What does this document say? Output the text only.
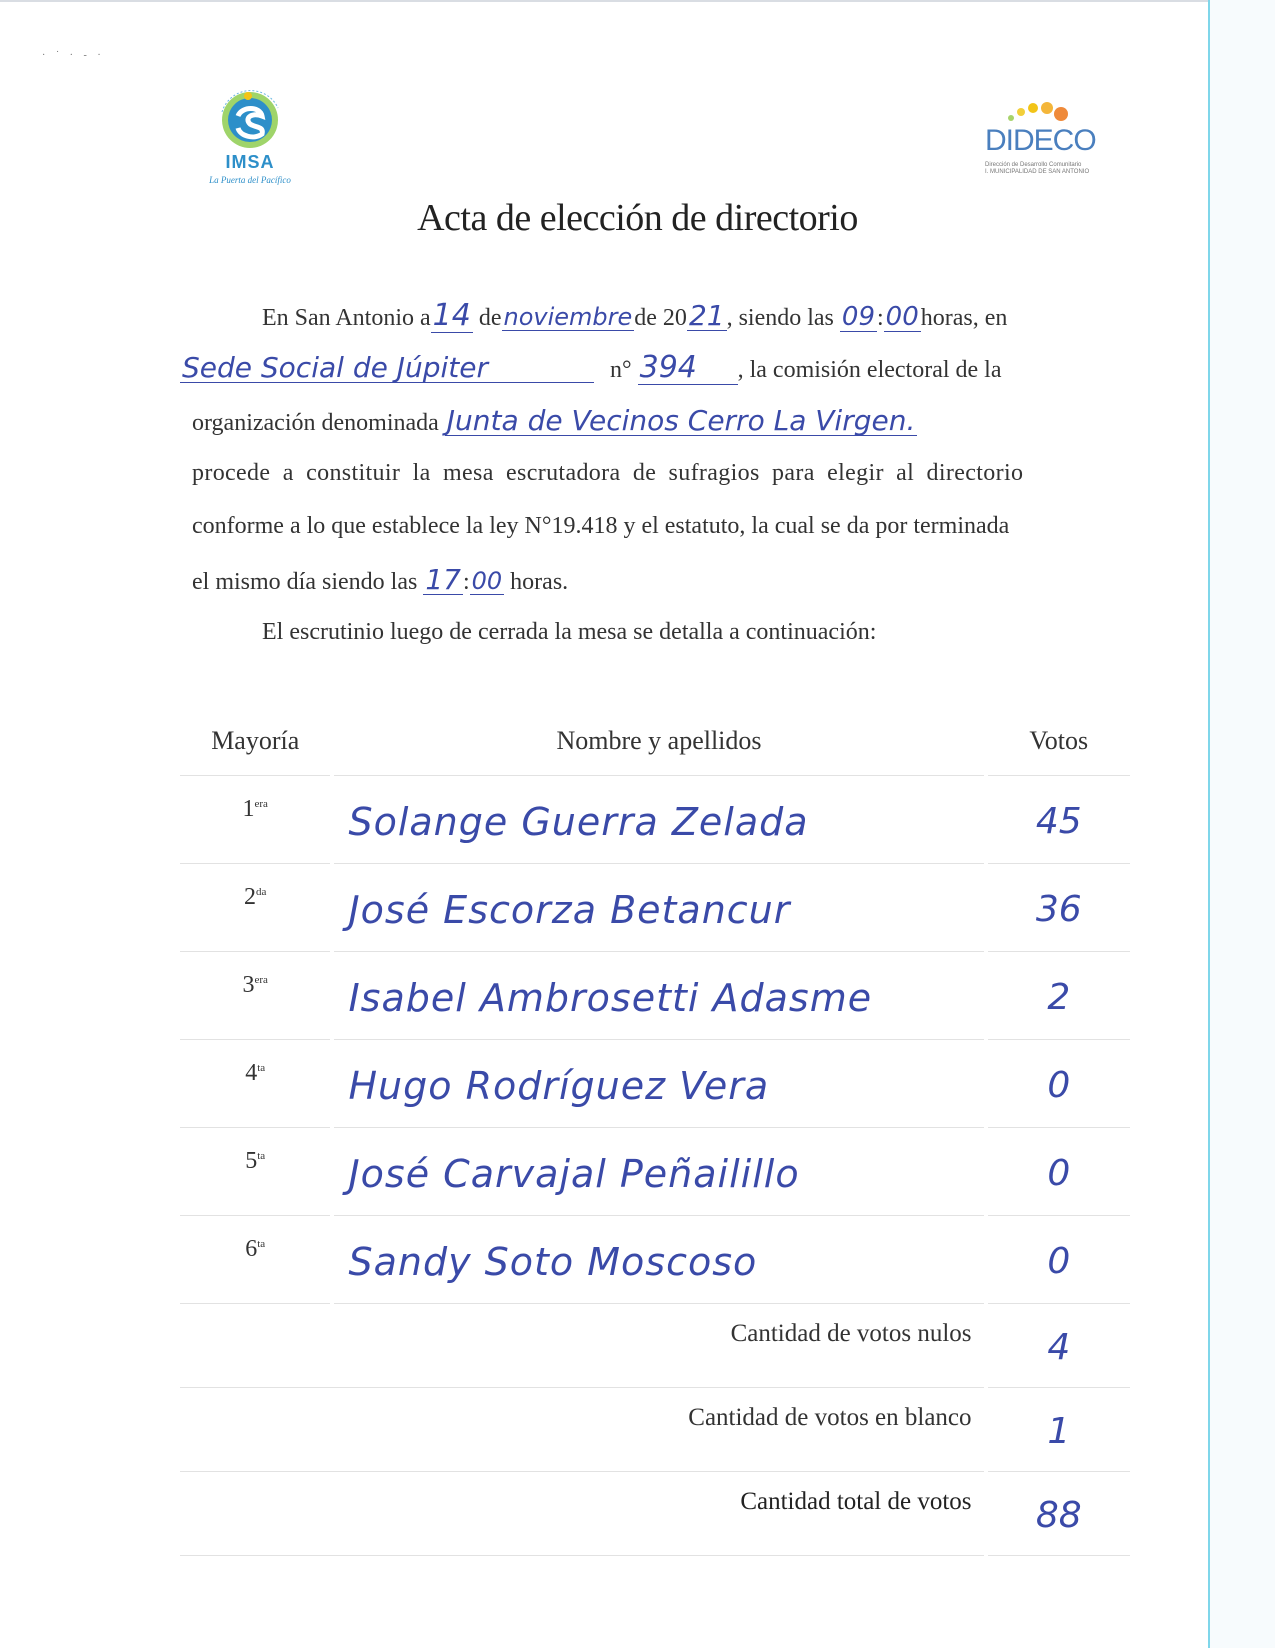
· ˙ · ‐ ·
IMSA
La Puerta del Pacífico
DIDECO
Dirección de Desarrollo Comunitario
I. MUNICIPALIDAD DE SAN ANTONIO
Acta de elección de directorio
En San Antonio a14 denoviembrede 2021, siendo las 09:00horas, en
Sede Social de Júpiter	n° 394 , la comisión electoral de la
organización denominada Junta de Vecinos Cerro La Virgen.
procede a constituir la mesa escrutadora de sufragios para elegir al directorio
conforme a lo que establece la ley N°19.418 y el estatuto, la cual se da por terminada
el mismo día siendo las 17:00 horas.
El escrutinio luego de cerrada la mesa se detalla a continuación:
Mayoría	Nombre y apellidos	Votos
$1^{era}$	Solange Guerra Zelada	45
$2^{da}$	José Escorza Betancur	36
$3^{era}$	Isabel Ambrosetti Adasme	2
$4^{ta}$	Hugo Rodríguez Vera	0
$5^{ta}$	José Carvajal Peñailillo	0
$6^{ta}$	Sandy Soto Moscoso	0
Cantidad de votos nulos		4
Cantidad de votos en blanco		1
Cantidad total de votos		88
